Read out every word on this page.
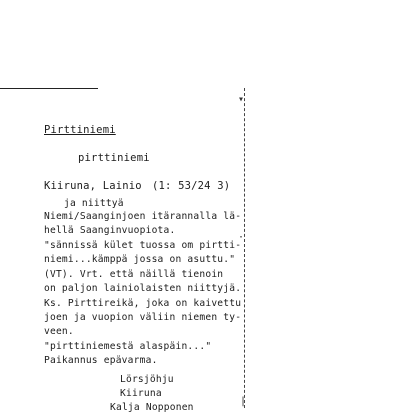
▾
·
|
Pirttiniemi
pirttiniemi
Kiiruna, Lainio (1: 53/24 3)
ja niittyä
Niemi/Saanginjoen itärannalla lä-
hellä Saanginvuopiota.
"sännissä kület tuossa om pirtti-
niemi...kämppä jossa on asuttu."
(VT). Vrt. että näillä tienoin
on paljon lainiolaisten niittyjä.
Ks. Pirttireikä, joka on kaivettu
joen ja vuopion väliin niemen ty-
veen.
"pirttiniemestä alaspäin..."
Paikannus epävarma.
Lörsjöhju
Kiiruna
Kalja Nopponen
